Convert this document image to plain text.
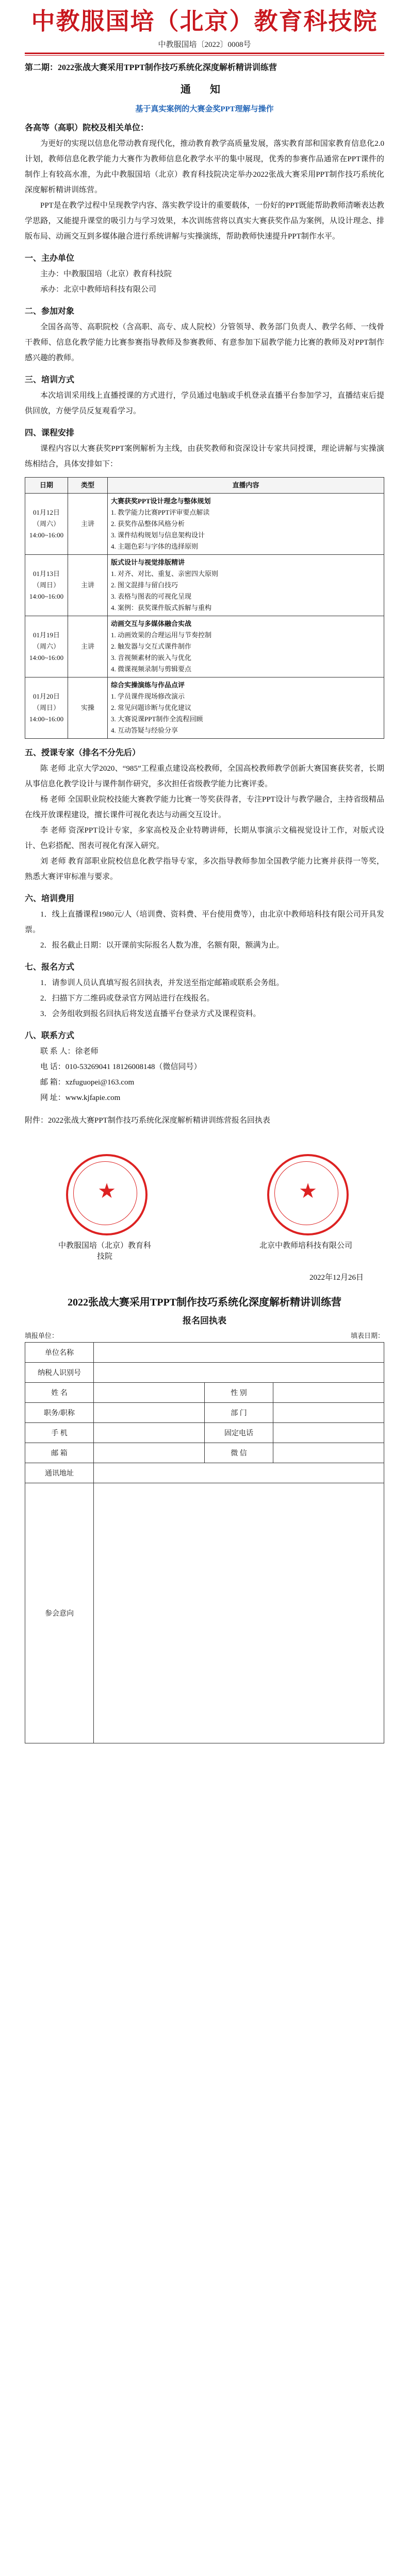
中教服国培（北京）教育科技院
中教服国培〔2022〕0008号
第二期：2022张战大赛采用TPPT制作技巧系统化深度解析精讲训练营
通 知
基于真实案例的大赛金奖PPT理解与操作
各高等（高职）院校及相关单位：

为更好的实现以信息化带动教育现代化，推动教育教学高质量发展，落实教育部和国家教育信息化2.0计划，教师信息化教学能力大赛作为教师信息化教学水平的集中展现，优秀的参赛作品通常在PPT课件的制作上有较高水准，为此中教服国培（北京）教育科技院决定举办2022张战大赛采用PPT制作技巧系统化深度解析精讲训练营。

PPT是在教学过程中呈现教学内容、落实教学设计的重要载体，一份好的PPT既能帮助教师清晰表达教学思路，又能提升课堂的吸引力与学习效果，本次训练营将以真实大赛获奖作品为案例，从设计理念、排版布局、动画交互到多媒体融合进行系统讲解与实操演练，帮助教师快速提升PPT制作水平。

一、主办单位

主办：中教服国培（北京）教育科技院

承办：北京中教师培科技有限公司

二、参加对象

全国各高等、高职院校（含高职、高专、成人院校）分管领导、教务部门负责人、教学名师、一线骨干教师、信息化教学能力比赛参赛指导教师及参赛教师、有意参加下届教学能力比赛的教师及对PPT制作感兴趣的教师。

三、培训方式

本次培训采用线上直播授课的方式进行，学员通过电脑或手机登录直播平台参加学习，直播结束后提供回放，方便学员反复观看学习。

四、课程安排

课程内容以大赛获奖PPT案例解析为主线，由获奖教师和资深设计专家共同授课，理论讲解与实操演练相结合，具体安排如下：

日期	类型	直播内容
01月12日（周六）14:00~16:00	主讲	大赛获奖PPT设计理念与整体规划
1. 教学能力比赛PPT评审要点解读
2. 获奖作品整体风格分析
3. 课件结构规划与信息架构设计
4. 主题色彩与字体的选择原则

01月13日（周日）14:00~16:00	主讲	版式设计与视觉排版精讲
1. 对齐、对比、重复、亲密四大原则
2. 图文混排与留白技巧
3. 表格与图表的可视化呈现
4. 案例：获奖课件版式拆解与重构

01月19日（周六）14:00~16:00	主讲	动画交互与多媒体融合实战
1. 动画效果的合理运用与节奏控制
2. 触发器与交互式课件制作
3. 音视频素材的嵌入与优化
4. 微课视频录制与剪辑要点

01月20日（周日）14:00~16:00	实操	综合实操演练与作品点评
1. 学员课件现场修改演示
2. 常见问题诊断与优化建议
3. 大赛说课PPT制作全流程回顾
4. 互动答疑与经验分享
五、授课专家（排名不分先后）

陈 老师 北京大学2020、“985”工程重点建设高校教师，全国高校教师教学创新大赛国赛获奖者，长期从事信息化教学设计与课件制作研究，多次担任省级教学能力比赛评委。

杨 老师 全国职业院校技能大赛教学能力比赛一等奖获得者，专注PPT设计与教学融合，主持省级精品在线开放课程建设，擅长课件可视化表达与动画交互设计。

李 老师 资深PPT设计专家，多家高校及企业特聘讲师，长期从事演示文稿视觉设计工作，对版式设计、色彩搭配、图表可视化有深入研究。

刘 老师 教育部职业院校信息化教学指导专家，多次指导教师参加全国教学能力比赛并获得一等奖，熟悉大赛评审标准与要求。

六、培训费用

1．线上直播课程1980元/人（培训费、资料费、平台使用费等），由北京中教师培科技有限公司开具发票。

2．报名截止日期：以开课前实际报名人数为准，名额有限，额满为止。

七、报名方式

1．请参训人员认真填写报名回执表，并发送至指定邮箱或联系会务组。

2．扫描下方二维码或登录官方网站进行在线报名。

3．会务组收到报名回执后将发送直播平台登录方式及课程资料。

八、联系方式

联 系 人：徐老师

电 话：010-53269041 18126008148（微信同号）

邮 箱：xzfuguopei@163.com

网 址：www.kjfapie.com

附件：2022张战大赛PPT制作技巧系统化深度解析精讲训练营报名回执表

★
中教服国培（北京）教育科技院
★
北京中教师培科技有限公司
2022年12月26日
2022张战大赛采用TPPT制作技巧系统化深度解析精讲训练营
报名回执表
填报单位：	填表日期：
单位名称			
纳税人识别号			
姓 名		性 别	
职务/职称		部 门	
手 机		固定电话	
邮 箱		微 信	
通讯地址			
参会意向			
